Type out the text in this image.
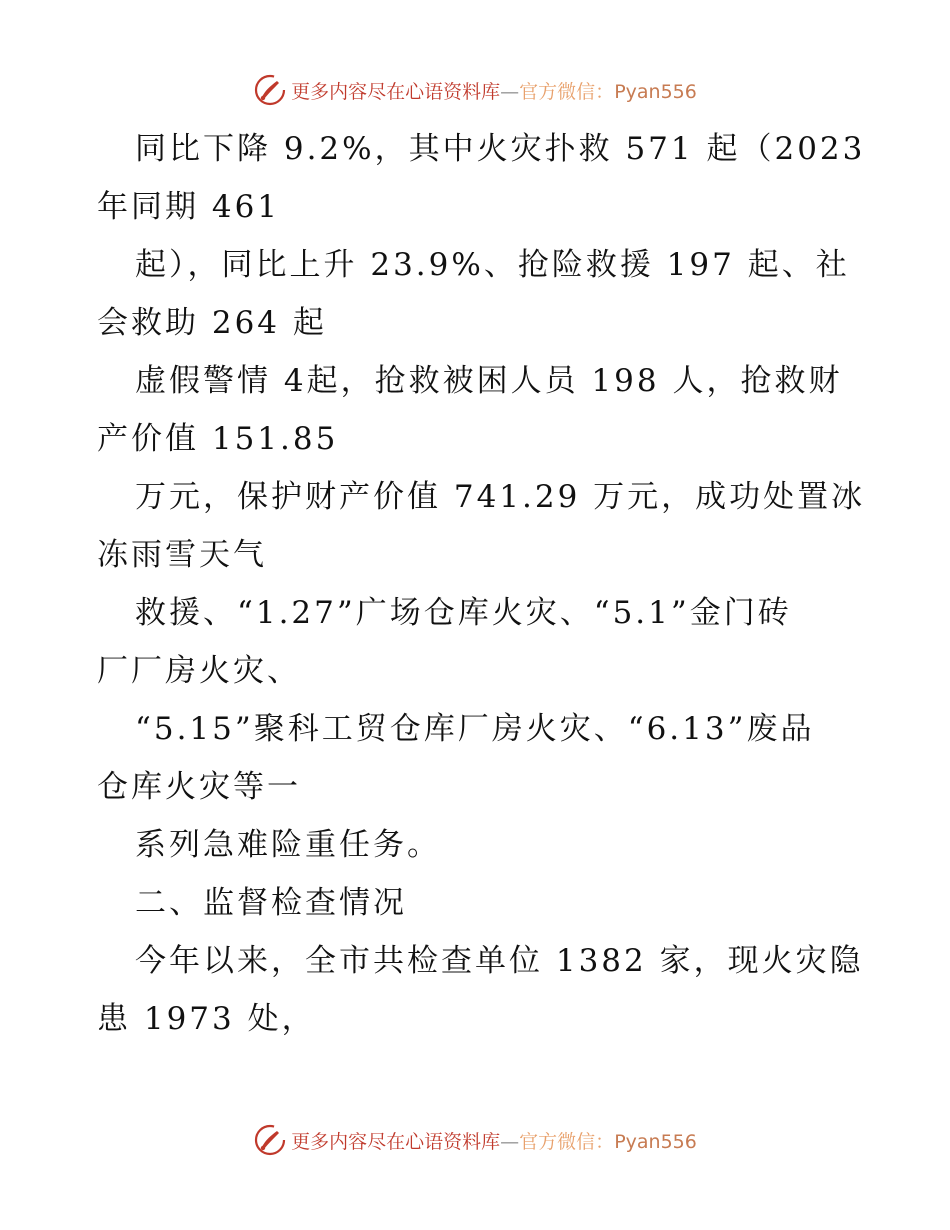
更多内容尽在心语资料库—官方微信：Pyan556
同比下降 9.2%，其中火灾扑救 571 起（2023
年同期 461
起），同比上升 23.9%、抢险救援 197 起、社
会救助 264 起
虚假警情 4起，抢救被困人员 198 人，抢救财
产价值 151.85
万元，保护财产价值 741.29 万元，成功处置冰
冻雨雪天气
救援、“1.27”广场仓库火灾、“5.1”金门砖
厂厂房火灾、
“5.15”聚科工贸仓库厂房火灾、“6.13”废品
仓库火灾等一
系列急难险重任务。
二、监督检查情况
今年以来，全市共检查单位 1382 家，现火灾隐
患 1973 处，
更多内容尽在心语资料库—官方微信：Pyan556
